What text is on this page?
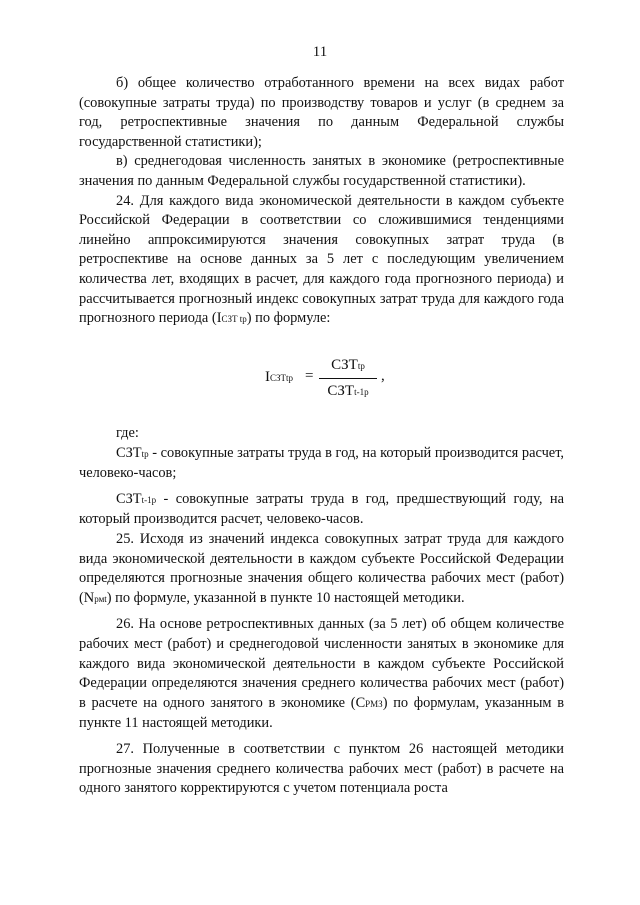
11

б) общее количество отработанного времени на всех видах работ (совокупные затраты труда) по производству товаров и услуг (в среднем за год, ретроспективные значения по данным Федеральной службы государственной статистики);

в) среднегодовая численность занятых в экономике (ретроспективные значения по данным Федеральной службы государственной статистики).

24. Для каждого вида экономической деятельности в каждом субъекте Российской Федерации в соответствии со сложившимися тенденциями линейно аппроксимируются значения совокупных затрат труда (в ретроспективе на основе данных за 5 лет с последующим увеличением количества лет, входящих в расчет, для каждого года прогнозного периода) и рассчитывается прогнозный индекс совокупных затрат труда для каждого года прогнозного периода (IСЗТ tp) по формуле:

IСЗТtp =
СЗТtp
СЗТt-1p
,

где:

СЗТtp - совокупные затраты труда в год, на который производится расчет, человеко-часов;

СЗТt-1p - совокупные затраты труда в год, предшествующий году, на который производится расчет, человеко-часов.

25. Исходя из значений индекса совокупных затрат труда для каждого вида экономической деятельности в каждом субъекте Российской Федерации определяются прогнозные значения общего количества рабочих мест (работ) (Nрмt) по формуле, указанной в пункте 10 настоящей методики.

26. На основе ретроспективных данных (за 5 лет) об общем количестве рабочих мест (работ) и среднегодовой численности занятых в экономике для каждого вида экономической деятельности в каждом субъекте Российской Федерации определяются значения среднего количества рабочих мест (работ) в расчете на одного занятого в экономике (СРМЗ) по формулам, указанным в пункте 11 настоящей методики.

27. Полученные в соответствии с пунктом 26 настоящей методики прогнозные значения среднего количества рабочих мест (работ) в расчете на одного занятого корректируются с учетом потенциала роста
